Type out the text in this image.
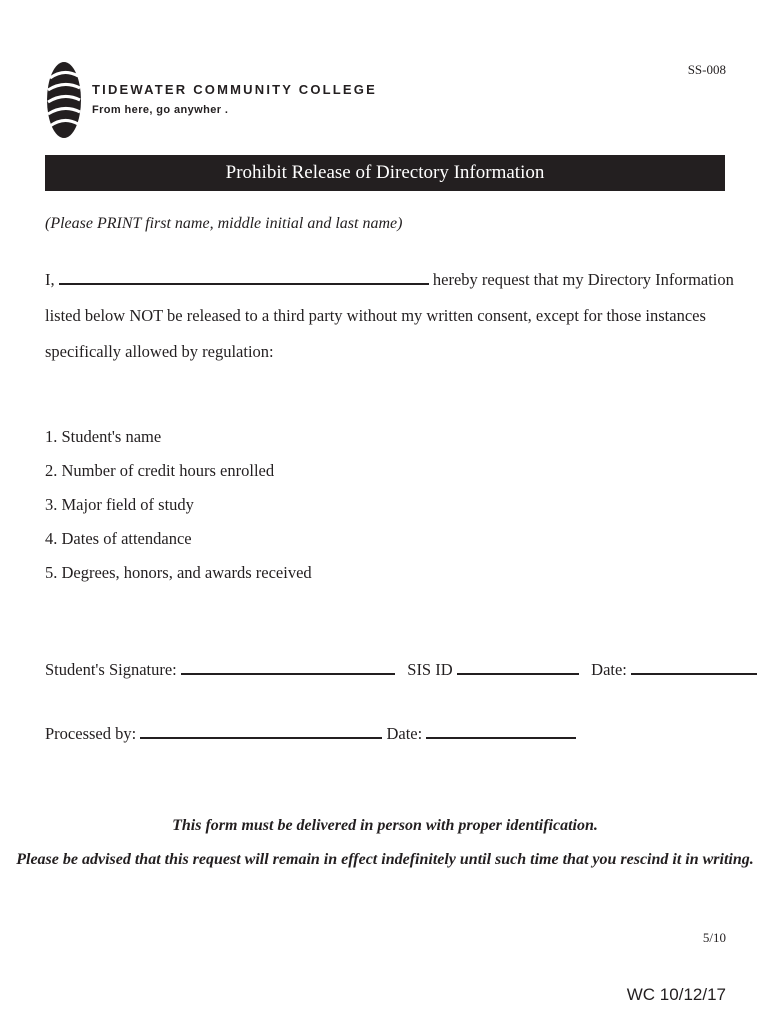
SS-008
TIDEWATER COMMUNITY COLLEGE
From here, go anywher .
Prohibit Release of Directory Information
(Please PRINT first name, middle initial and last name)
I,	hereby request that my Directory Information listed below NOT be released to a third party without my written consent, except for those instances specifically allowed by regulation:
1. Student's name
2. Number of credit hours enrolled
3. Major field of study
4. Dates of attendance
5. Degrees, honors, and awards received
Student's Signature:	SIS ID	Date:
Processed by:	Date:
This form must be delivered in person with proper identification.
Please be advised that this request will remain in effect indefinitely until such time that you rescind it in writing.
5/10
WC 10/12/17
